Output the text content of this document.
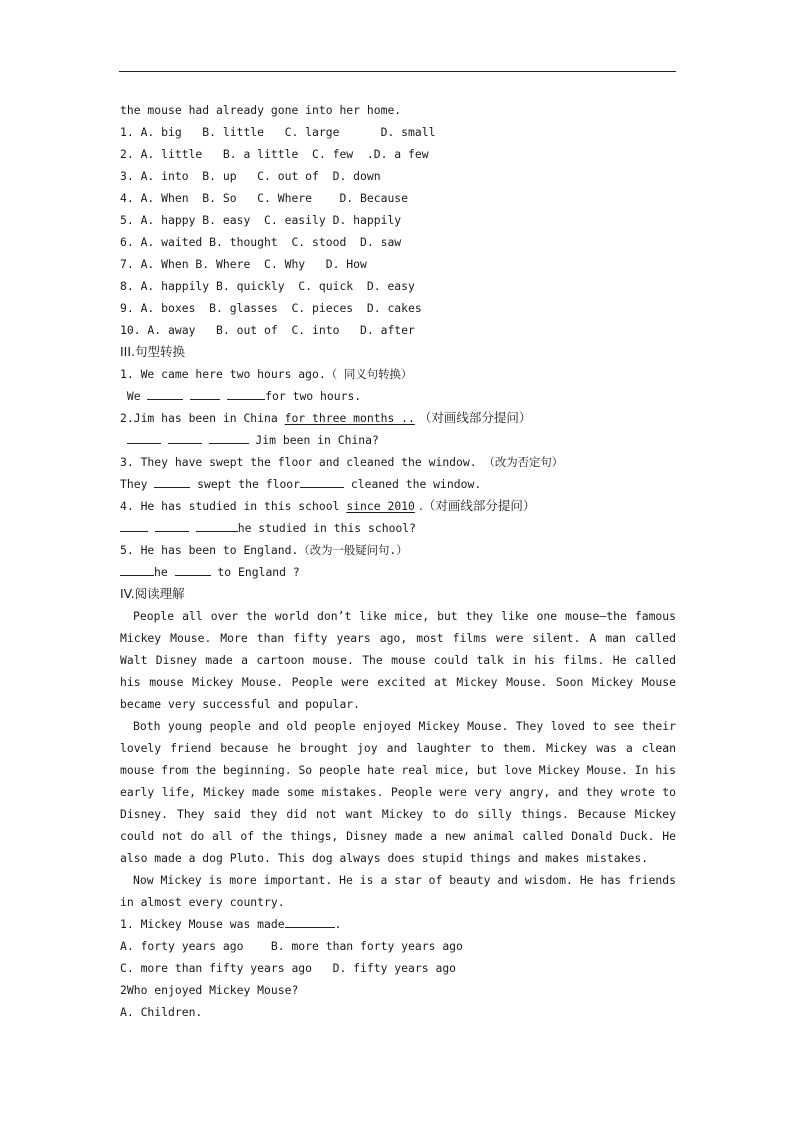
the mouse had already gone into her home.
1. A. big   B. little   C. large      D. small
2. A. little   B. a little  C. few  .D. a few
3. A. into  B. up   C. out of  D. down
4. A. When  B. So   C. Where    D. Because
5. A. happy B. easy  C. easily D. happily
6. A. waited B. thought  C. stood  D. saw
7. A. When B. Where  C. Why   D. How
8. A. happily B. quickly  C. quick  D. easy
9. A. boxes  B. glasses  C. pieces  D. cakes
10. A. away   B. out of  C. into   D. after
III.句型转换
1. We came here two hours ago.（ 同义句转换）
We	for two hours.
2.Jim has been in China for three months .. （对画线部分提问）
Jim been in China?
3. They have swept the floor and cleaned the window. （改为否定句）
They	swept the floor	cleaned the window.
4. He has studied in this school since 2010 .（对画线部分提问）
he studied in this school?
5. He has been to England.（改为一般疑问句.）
he	to England ?
IV.阅读理解
People all over the world don’t like mice, but they like one mouse—the famous Mickey Mouse. More than fifty years ago, most films were silent. A man called Walt Disney made a cartoon mouse. The mouse could talk in his films. He called his mouse Mickey Mouse. People were excited at Mickey Mouse. Soon Mickey Mouse became very successful and popular.
Both young people and old people enjoyed Mickey Mouse. They loved to see their lovely friend because he brought joy and laughter to them. Mickey was a clean mouse from the beginning. So people hate real mice, but love Mickey Mouse. In his early life, Mickey made some mistakes. People were very angry, and they wrote to Disney. They said they did not want Mickey to do silly things. Because Mickey could not do all of the things, Disney made a new animal called Donald Duck. He also made a dog Pluto. This dog always does stupid things and makes mistakes.
Now Mickey is more important. He is a star of beauty and wisdom. He has friends in almost every country.
1. Mickey Mouse was made	.
A. forty years ago    B. more than forty years ago
C. more than fifty years ago   D. fifty years ago
2Who enjoyed Mickey Mouse?
A. Children.
